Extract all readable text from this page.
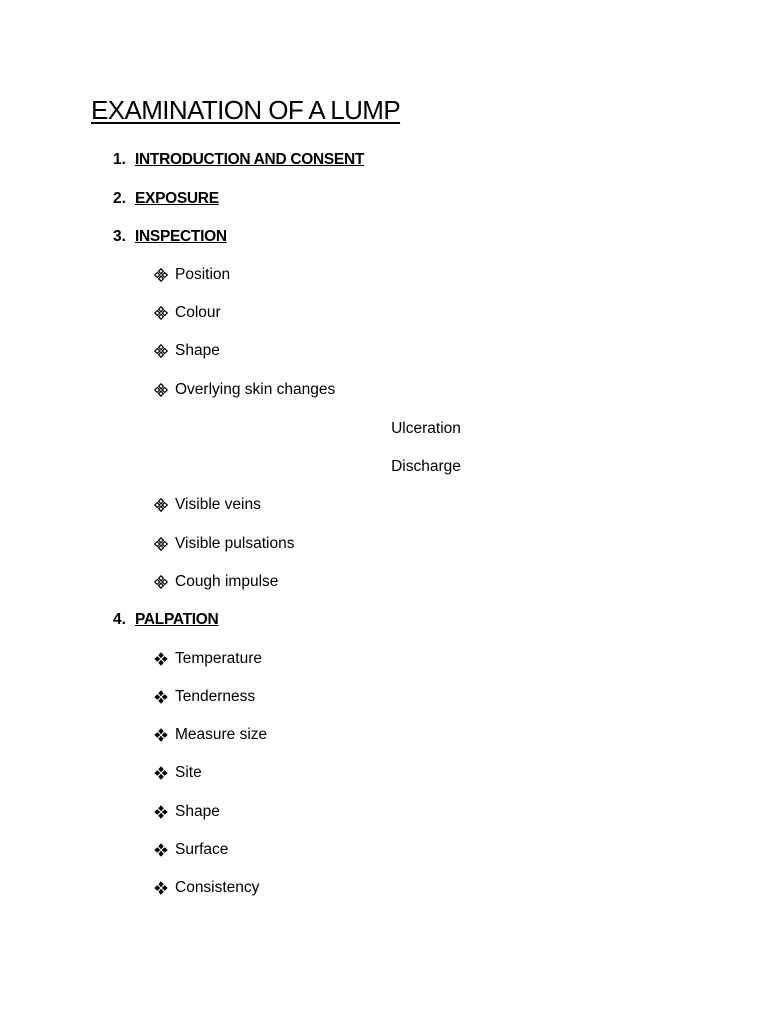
EXAMINATION OF A LUMP
1. INTRODUCTION AND CONSENT
2. EXPOSURE
3. INSPECTION
Position
Colour
Shape
Overlying skin changes
Ulceration
Discharge
Visible veins
Visible pulsations
Cough impulse
4. PALPATION
Temperature
Tenderness
Measure size
Site
Shape
Surface
Consistency
